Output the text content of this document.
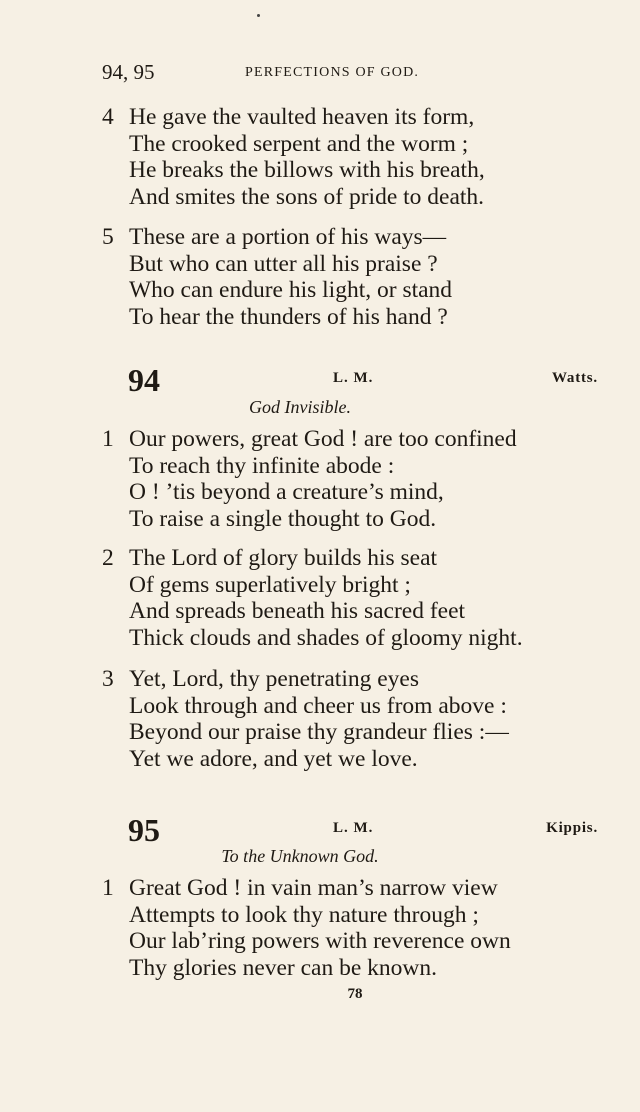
94, 95	PERFECTIONS OF GOD.
4 He gave the vaulted heaven its form,
The crooked serpent and the worm ;
He breaks the billows with his breath,
And smites the sons of pride to death.
5 These are a portion of his ways—
But who can utter all his praise ?
Who can endure his light, or stand
To hear the thunders of his hand ?
94	L. M.	Watts.
God Invisible.
1 Our powers, great God ! are too confined
To reach thy infinite abode :
O ! ’tis beyond a creature’s mind,
To raise a single thought to God.
2 The Lord of glory builds his seat
Of gems superlatively bright ;
And spreads beneath his sacred feet
Thick clouds and shades of gloomy night.
3 Yet, Lord, thy penetrating eyes
Look through and cheer us from above :
Beyond our praise thy grandeur flies :—
Yet we adore, and yet we love.
95	L. M.	Kippis.
To the Unknown God.
1 Great God ! in vain man’s narrow view
Attempts to look thy nature through ;
Our lab’ring powers with reverence own
Thy glories never can be known.
78
